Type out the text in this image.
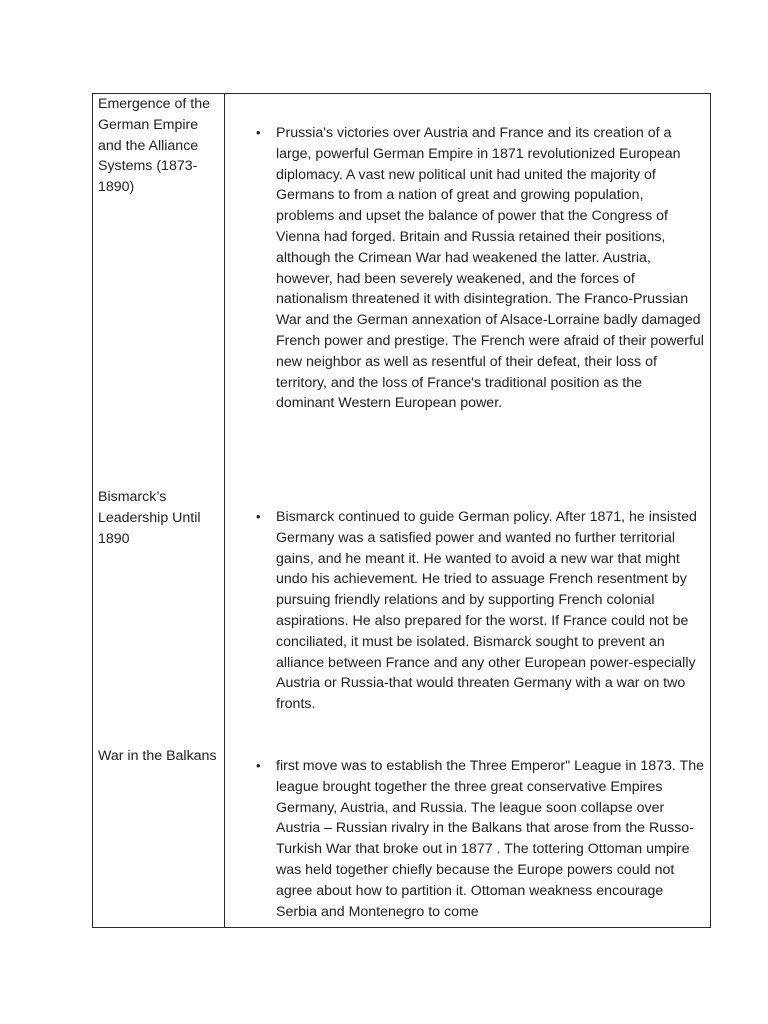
Emergence of the German Empire and the Alliance Systems (1873-1890)
• Prussia's victories over Austria and France and its creation of a large, powerful German Empire in 1871 revolutionized European diplomacy. A vast new political unit had united the majority of Germans to from a nation of great and growing population, problems and upset the balance of power that the Congress of Vienna had forged. Britain and Russia retained their positions, although the Crimean War had weakened the latter. Austria, however, had been severely weakened, and the forces of nationalism threatened it with disintegration. The Franco-Prussian War and the German annexation of Alsace-Lorraine badly damaged French power and prestige. The French were afraid of their powerful new neighbor as well as resentful of their defeat, their loss of territory, and the loss of France's traditional position as the dominant Western European power.
Bismarck’s Leadership Until 1890
• Bismarck continued to guide German policy. After 1871, he insisted Germany was a satisfied power and wanted no further territorial gains, and he meant it. He wanted to avoid a new war that might undo his achievement. He tried to assuage French resentment by pursuing friendly relations and by supporting French colonial aspirations. He also prepared for the worst. If France could not be conciliated, it must be isolated. Bismarck sought to prevent an alliance between France and any other European power-especially Austria or Russia-that would threaten Germany with a war on two fronts.
War in the Balkans
• first move was to establish the Three Emperor" League in 1873. The league brought together the three great conservative Empires Germany, Austria, and Russia. The league soon collapse over Austria – Russian rivalry in the Balkans that arose from the Russo-Turkish War that broke out in 1877 . The tottering Ottoman umpire was held together chiefly because the Europe powers could not agree about how to partition it. Ottoman weakness encourage Serbia and Montenegro to come
